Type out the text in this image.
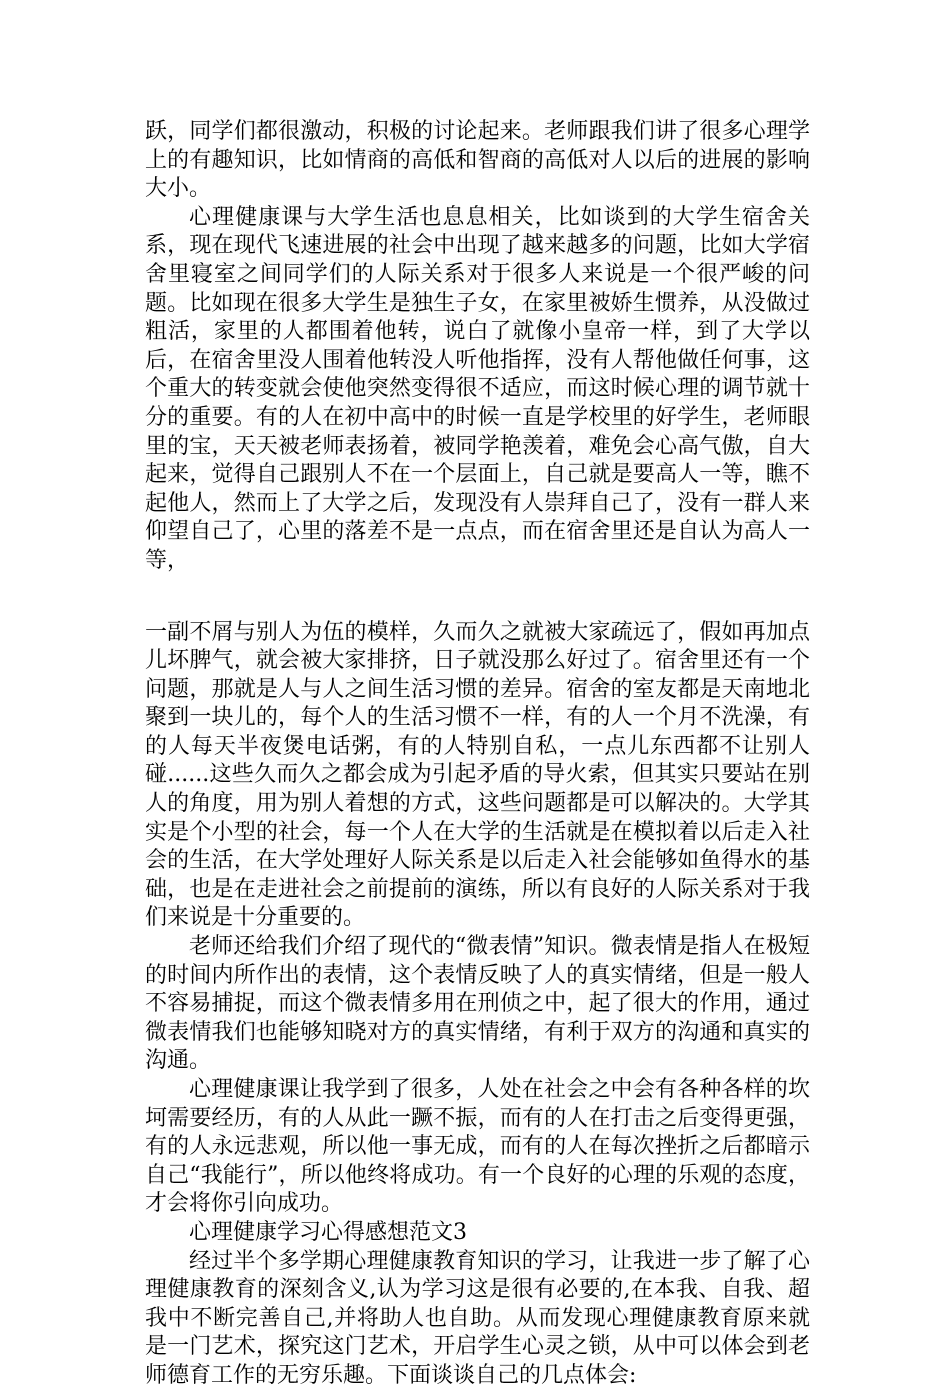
跃，同学们都很激动，积极的讨论起来。老师跟我们讲了很多心理学上的有趣知识，比如情商的高低和智商的高低对人以后的进展的影响大小。

心理健康课与大学生活也息息相关，比如谈到的大学生宿舍关系，现在现代飞速进展的社会中出现了越来越多的问题，比如大学宿舍里寝室之间同学们的人际关系对于很多人来说是一个很严峻的问题。比如现在很多大学生是独生子女，在家里被娇生惯养，从没做过粗活，家里的人都围着他转，说白了就像小皇帝一样，到了大学以后，在宿舍里没人围着他转没人听他指挥，没有人帮他做任何事，这个重大的转变就会使他突然变得很不适应，而这时候心理的调节就十分的重要。有的人在初中高中的时候一直是学校里的好学生，老师眼里的宝，天天被老师表扬着，被同学艳羡着，难免会心高气傲，自大起来，觉得自己跟别人不在一个层面上，自己就是要高人一等，瞧不起他人，然而上了大学之后，发现没有人崇拜自己了，没有一群人来仰望自己了，心里的落差不是一点点，而在宿舍里还是自认为高人一等，

一副不屑与别人为伍的模样，久而久之就被大家疏远了，假如再加点儿坏脾气，就会被大家排挤，日子就没那么好过了。宿舍里还有一个问题，那就是人与人之间生活习惯的差异。宿舍的室友都是天南地北聚到一块儿的，每个人的生活习惯不一样，有的人一个月不洗澡，有的人每天半夜煲电话粥，有的人特别自私，一点儿东西都不让别人碰......这些久而久之都会成为引起矛盾的导火索，但其实只要站在别人的角度，用为别人着想的方式，这些问题都是可以解决的。大学其实是个小型的社会，每一个人在大学的生活就是在模拟着以后走入社会的生活，在大学处理好人际关系是以后走入社会能够如鱼得水的基础，也是在走进社会之前提前的演练，所以有良好的人际关系对于我们来说是十分重要的。

老师还给我们介绍了现代的“微表情”知识。微表情是指人在极短的时间内所作出的表情，这个表情反映了人的真实情绪，但是一般人不容易捕捉，而这个微表情多用在刑侦之中，起了很大的作用，通过微表情我们也能够知晓对方的真实情绪，有利于双方的沟通和真实的沟通。

心理健康课让我学到了很多，人处在社会之中会有各种各样的坎坷需要经历，有的人从此一蹶不振，而有的人在打击之后变得更强，有的人永远悲观，所以他一事无成，而有的人在每次挫折之后都暗示自己“我能行”，所以他终将成功。有一个良好的心理的乐观的态度，才会将你引向成功。

心理健康学习心得感想范文3

经过半个多学期心理健康教育知识的学习，让我进一步了解了心理健康教育的深刻含义,认为学习这是很有必要的,在本我、自我、超我中不断完善自己,并将助人也自助。从而发现心理健康教育原来就是一门艺术，探究这门艺术，开启学生心灵之锁，从中可以体会到老师德育工作的无穷乐趣。下面谈谈自己的几点体会:
